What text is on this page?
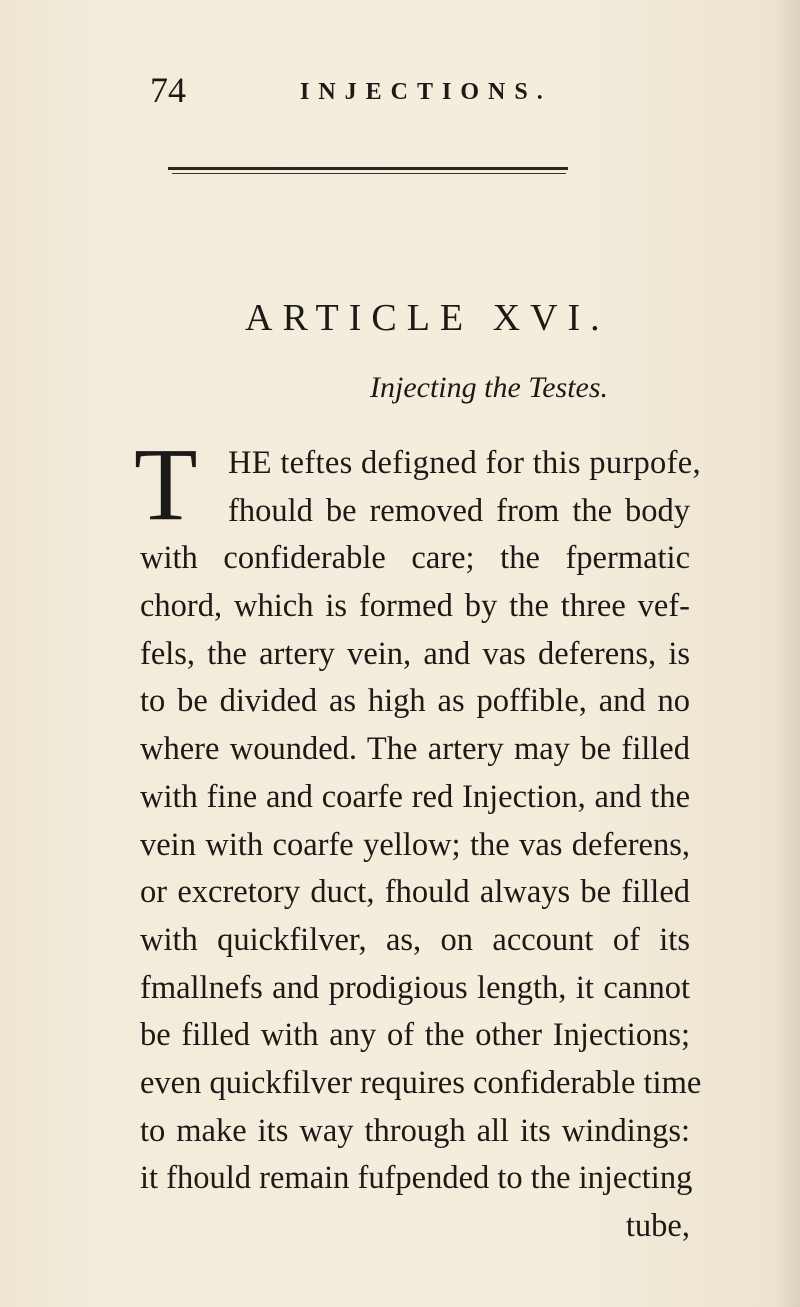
74	INJECTIONS.
ARTICLE XVI.
Injecting the Testes.
T HE teftes defigned for this purpofe,
fhould be removed from the body
with confiderable care; the fpermatic
chord, which is formed by the three vef-
fels, the artery vein, and vas deferens, is
to be divided as high as poffible, and no
where wounded. The artery may be filled
with fine and coarfe red Injection, and the
vein with coarfe yellow; the vas deferens,
or excretory duct, fhould always be filled
with quickfilver, as, on account of its
fmallnefs and prodigious length, it cannot
be filled with any of the other Injections;
even quickfilver requires confiderable time
to make its way through all its windings:
it fhould remain fufpended to the injecting
tube,
